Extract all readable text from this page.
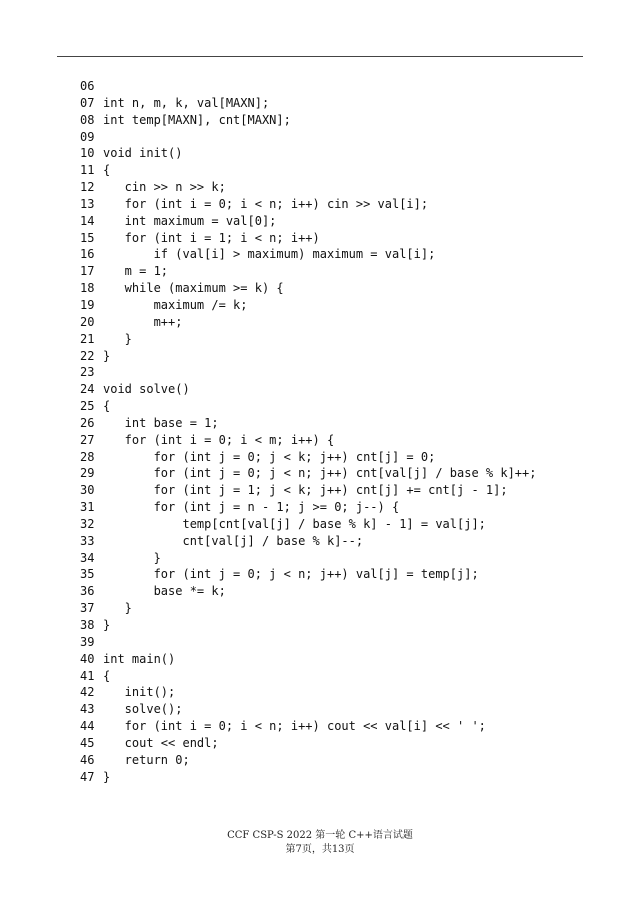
06
07 int n, m, k, val[MAXN];
08 int temp[MAXN], cnt[MAXN];
09
10 void init()
11 {
12 cin >> n >> k;
13 for (int i = 0; i < n; i++) cin >> val[i];
14 int maximum = val[0];
15 for (int i = 1; i < n; i++)
16 if (val[i] > maximum) maximum = val[i];
17 m = 1;
18 while (maximum >= k) {
19 maximum /= k;
20 m++;
21 }
22 }
23
24 void solve()
25 {
26 int base = 1;
27 for (int i = 0; i < m; i++) {
28 for (int j = 0; j < k; j++) cnt[j] = 0;
29 for (int j = 0; j < n; j++) cnt[val[j] / base % k]++;
30 for (int j = 1; j < k; j++) cnt[j] += cnt[j - 1];
31 for (int j = n - 1; j >= 0; j--) {
32 temp[cnt[val[j] / base % k] - 1] = val[j];
33 cnt[val[j] / base % k]--;
34 }
35 for (int j = 0; j < n; j++) val[j] = temp[j];
36 base *= k;
37 }
38 }
39
40 int main()
41 {
42 init();
43 solve();
44 for (int i = 0; i < n; i++) cout << val[i] << ' ';
45 cout << endl;
46 return 0;
47 }
CCF CSP-S 2022 第一轮 C++语言试题
第7页，共13页
